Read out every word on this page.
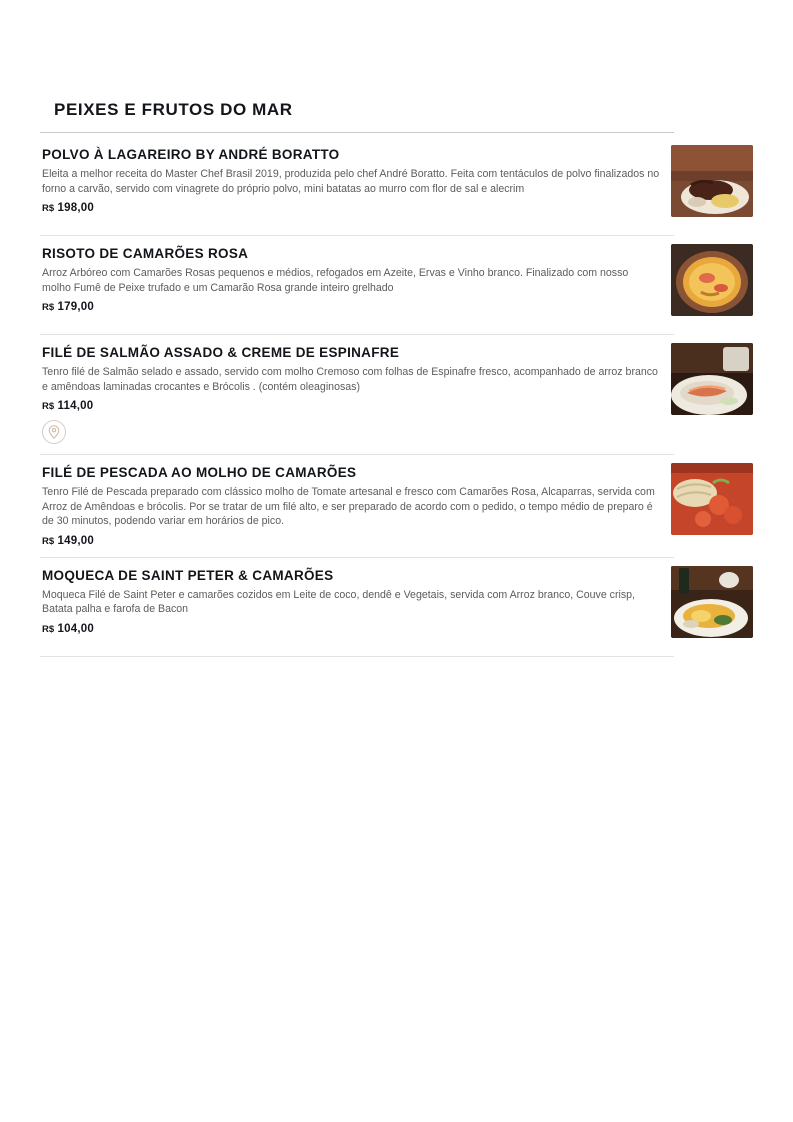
PEIXES E FRUTOS DO MAR
POLVO À LAGAREIRO BY ANDRÉ BORATTO
Eleita a melhor receita do Master Chef Brasil 2019, produzida pelo chef André Boratto. Feita com tentáculos de polvo finalizados no forno a carvão, servido com vinagrete do próprio polvo, mini batatas ao murro com flor de sal e alecrim
R$ 198,00
RISOTO DE CAMARÕES ROSA
Arroz Arbóreo com Camarões Rosas pequenos e médios, refogados em Azeite, Ervas e Vinho branco. Finalizado com nosso molho Fumê de Peixe trufado e um Camarão Rosa grande inteiro grelhado
R$ 179,00
FILÉ DE SALMÃO ASSADO & CREME DE ESPINAFRE
Tenro filé de Salmão selado e assado, servido com molho Cremoso com folhas de Espinafre fresco, acompanhado de arroz branco e amêndoas laminadas crocantes e Brócolis . (contém oleaginosas)
R$ 114,00
FILÉ DE PESCADA AO MOLHO DE CAMARÕES
Tenro Filé de Pescada preparado com clássico molho de Tomate artesanal e fresco com Camarões Rosa, Alcaparras, servida com Arroz de Amêndoas e brócolis. Por se tratar de um filé alto, e ser preparado de acordo com o pedido, o tempo médio de preparo é de 30 minutos, podendo variar em horários de pico.
R$ 149,00
MOQUECA DE SAINT PETER & CAMARÕES
Moqueca Filé de Saint Peter e camarões cozidos em Leite de coco, dendê e Vegetais, servida com Arroz branco, Couve crisp, Batata palha e farofa de Bacon
R$ 104,00
